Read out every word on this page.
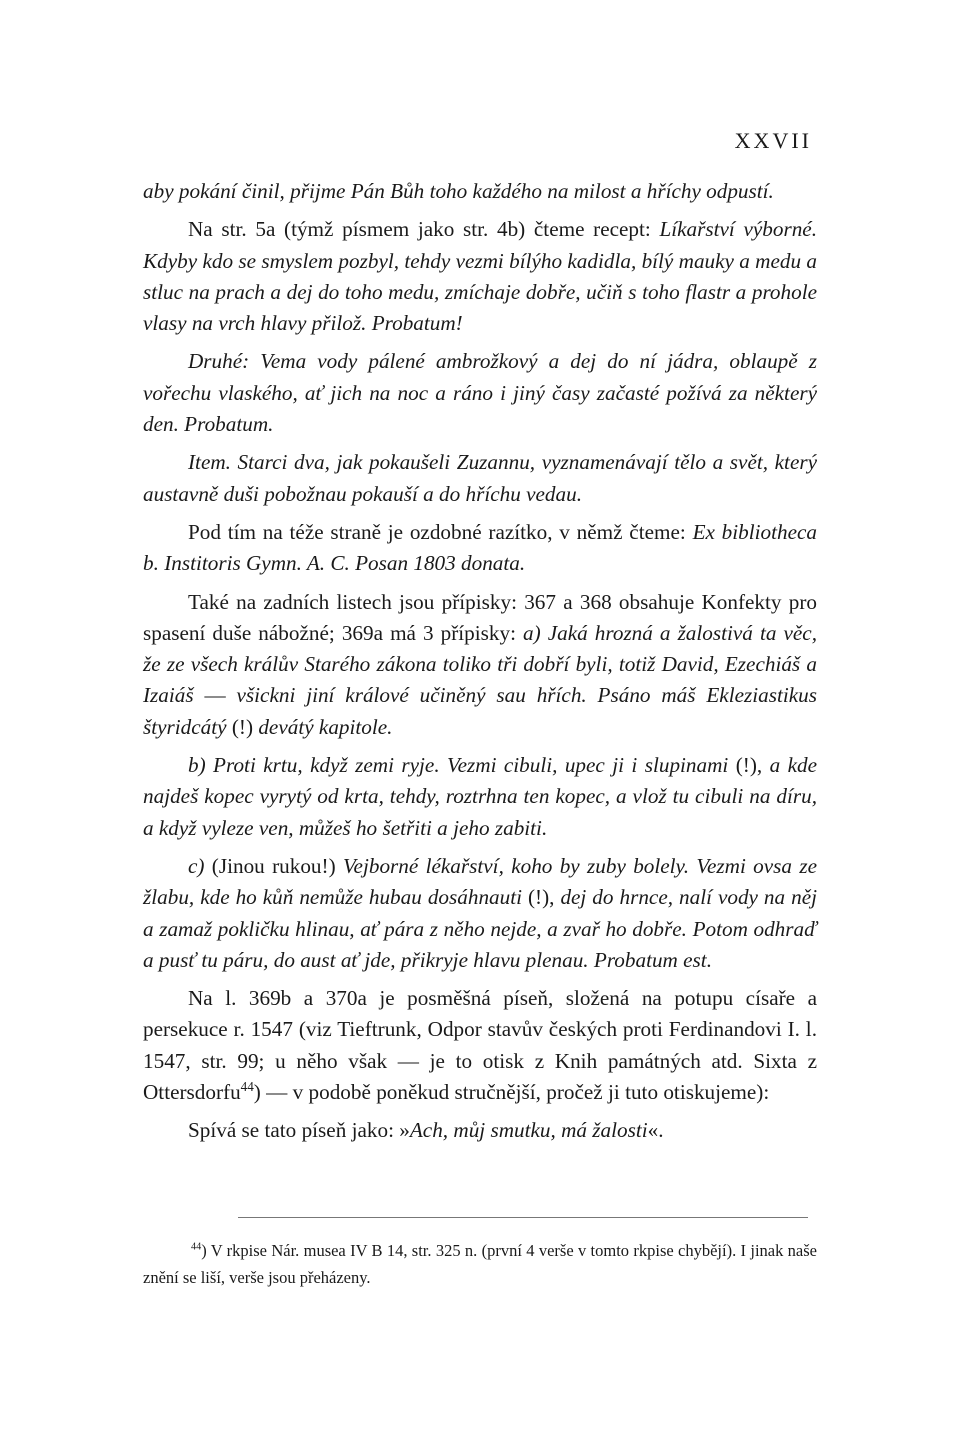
XXVII

aby pokání činil, přijme Pán Bůh toho každého na milost a hříchy odpustí.

Na str. 5a (týmž písmem jako str. 4b) čteme recept: Líkařství výborné. Kdyby kdo se smyslem pozbyl, tehdy vezmi bílýho kadidla, bílý mauky a medu a stluc na prach a dej do toho medu, zmíchaje dobře, učiň s toho flastr a prohole vlasy na vrch hlavy přilož. Probatum!

Druhé: Vema vody pálené ambrožkový a dej do ní jádra, oblaupě z vořechu vlaského, ať jich na noc a ráno i jiný časy začasté požívá za některý den. Probatum.

Item. Starci dva, jak pokaušeli Zuzannu, vyznamenávají tělo a svět, který austavně duši pobožnau pokauší a do hříchu vedau.

Pod tím na téže straně je ozdobné razítko, v němž čteme: Ex bibliotheca b. Institoris Gymn. A. C. Posan 1803 donata.

Také na zadních listech jsou přípisky: 367 a 368 obsahuje Konfekty pro spasení duše nábožné; 369a má 3 přípisky: a) Jaká hrozná a žalostivá ta věc, že ze všech králův Starého zákona toliko tři dobří byli, totiž David, Ezechiáš a Izaiáš — všickni jiní králové učiněný sau hřích. Psáno máš Ekleziastikus štyridcátý (!) devátý kapitole.

b) Proti krtu, když zemi ryje. Vezmi cibuli, upec ji i slupinami (!), a kde najdeš kopec vyrytý od krta, tehdy, roztrhna ten kopec, a vlož tu cibuli na díru, a když vyleze ven, můžeš ho šetřiti a jeho zabiti.

c) (Jinou rukou!) Vejborné lékařství, koho by zuby bolely. Vezmi ovsa ze žlabu, kde ho kůň nemůže hubau dosáhnauti (!), dej do hrnce, nalí vody na něj a zamaž pokličku hlinau, ať pára z něho nejde, a zvař ho dobře. Potom odhraď a pusť tu páru, do aust ať jde, přikryje hlavu plenau. Probatum est.

Na l. 369b a 370a je posměšná píseň, složená na potupu císaře a persekuce r. 1547 (viz Tieftrunk, Odpor stavův českých proti Ferdinandovi I. l. 1547, str. 99; u něho však — je to otisk z Knih památných atd. Sixta z Ottersdorfu$^{44}$) — v podobě poněkud stručnější, pročež ji tuto otiskujeme):

Spívá se tato píseň jako: »Ach, můj smutku, má žalosti«.

$^{44}$) V rkpise Nár. musea IV B 14, str. 325 n. (první 4 verše v tomto rkpise chybějí). I jinak naše znění se liší, verše jsou přeházeny.
